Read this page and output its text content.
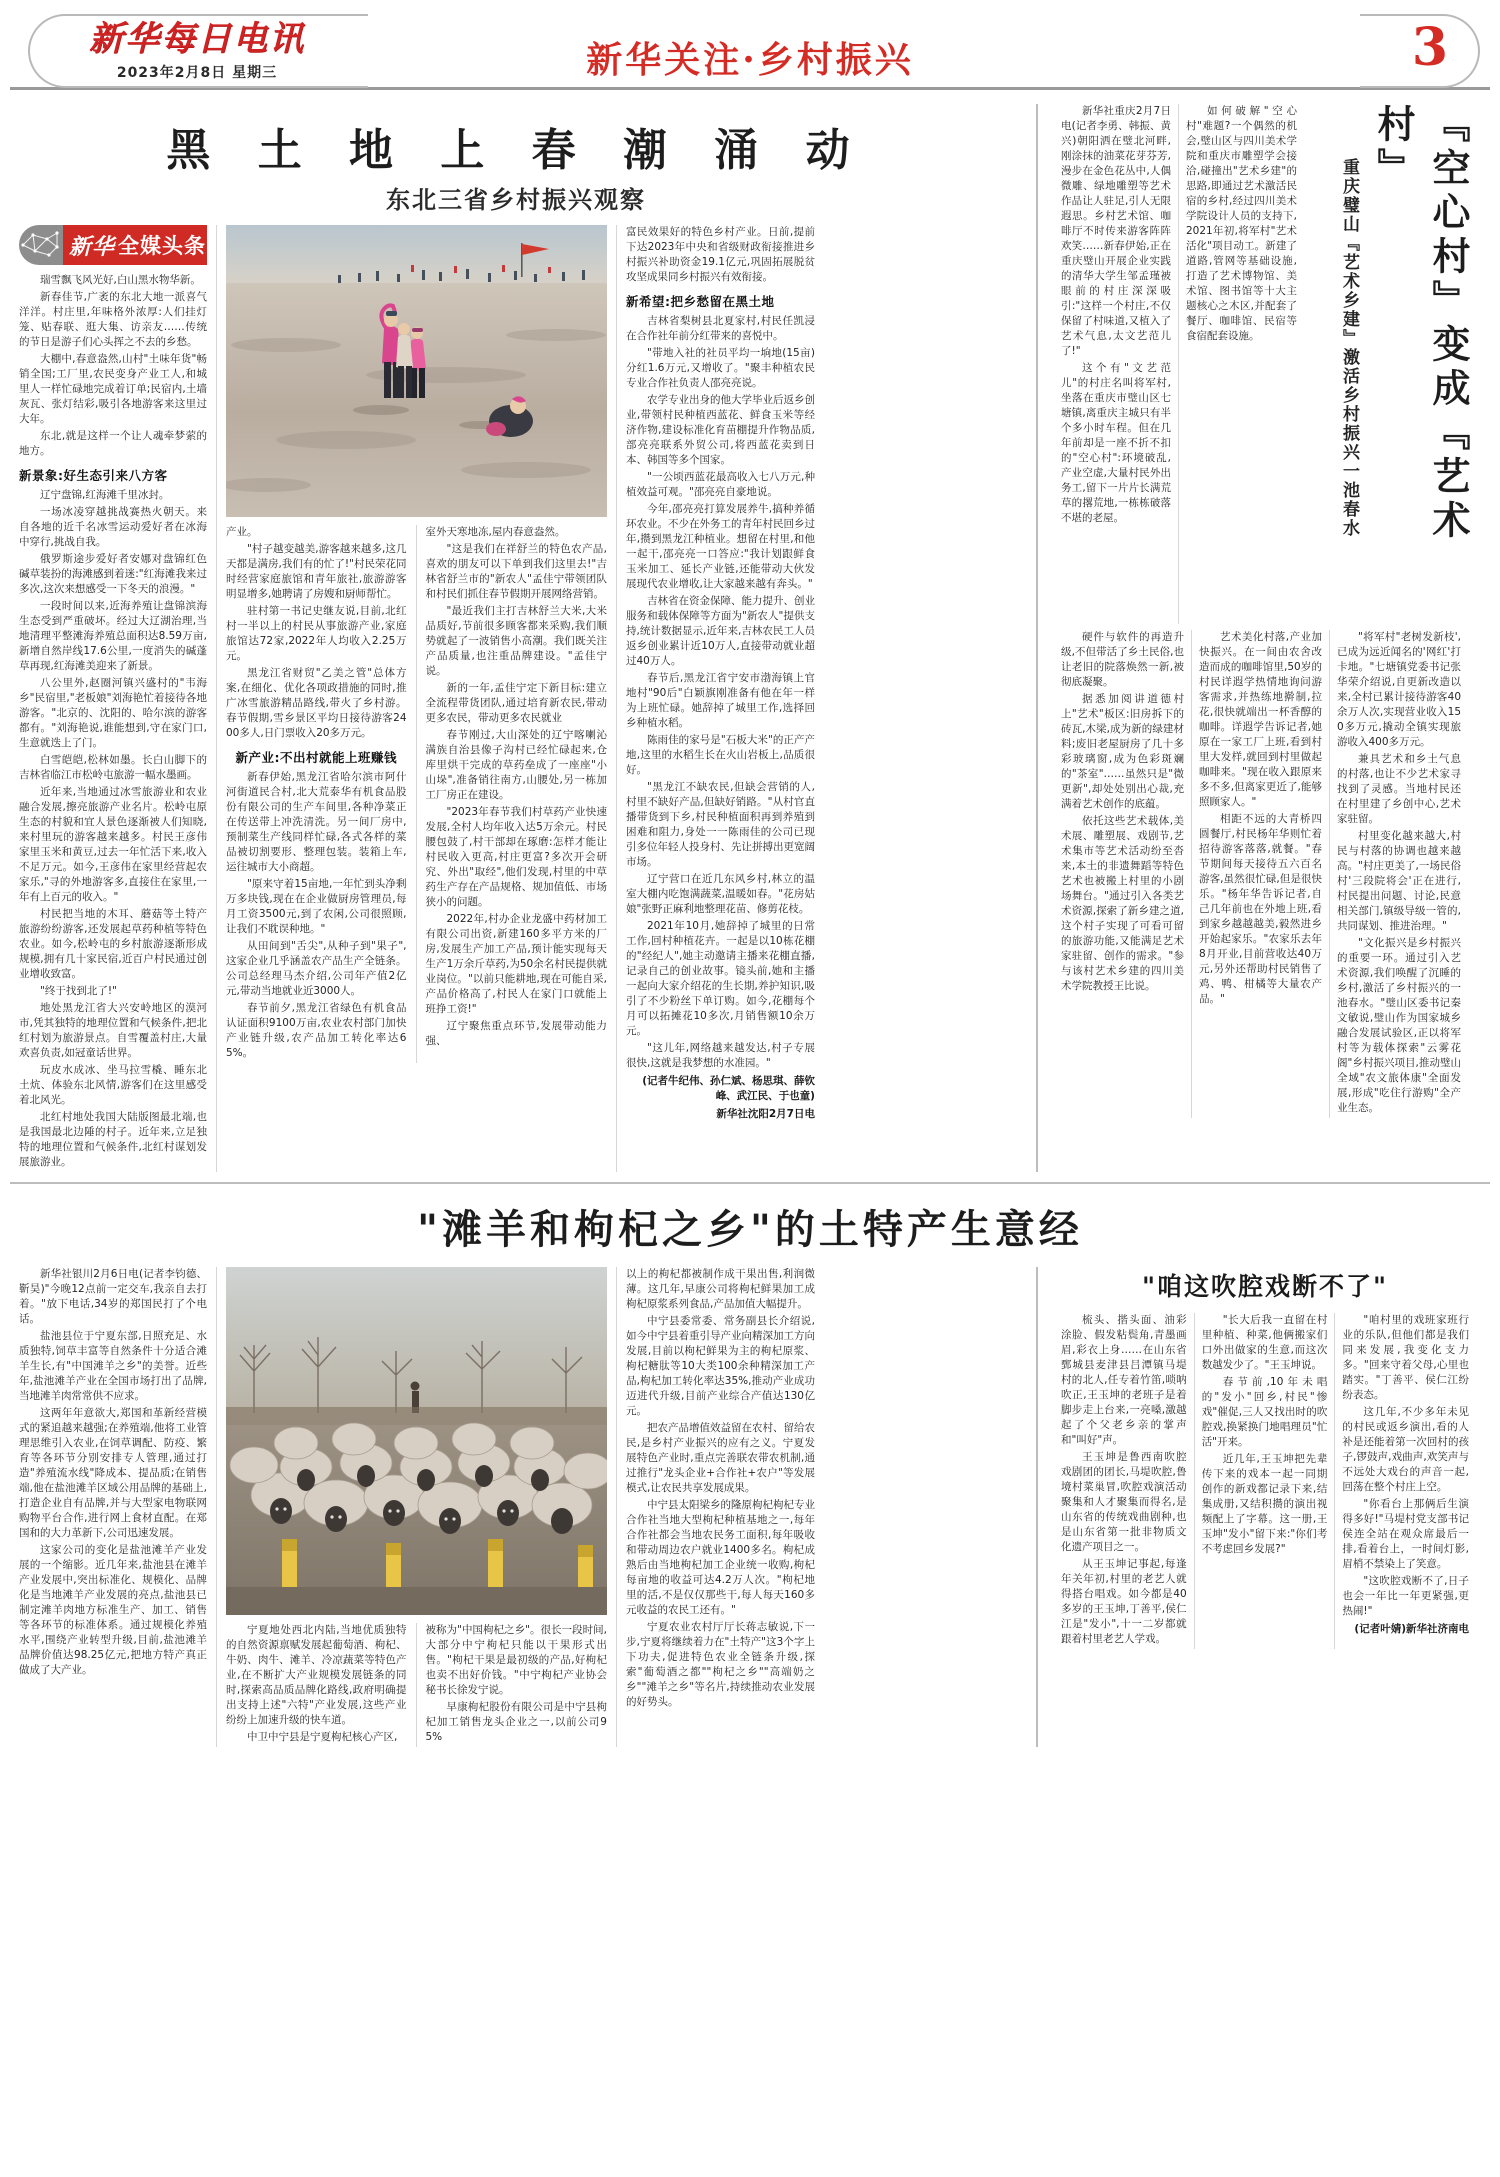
新华每日电讯
2023年2月8日 星期三	新华关注·乡村振兴	3
黑 土 地 上 春 潮 涌 动
东北三省乡村振兴观察
新华 全媒头条

瑞雪飘飞风光好,白山黑水物华新。

新春佳节,广袤的东北大地一派喜气洋洋。村庄里,年味格外浓厚:人们挂灯笼、贴春联、逛大集、访亲友……传统的节日是游子们心头挥之不去的乡愁。

大棚中,春意盎然,山村"土味年货"畅销全国;工厂里,农民变身产业工人,和城里人一样忙碌地完成着订单;民宿内,土墙灰瓦、张灯结彩,吸引各地游客来这里过大年。

东北,就是这样一个让人魂牵梦萦的地方。

新景象:好生态引来八方客

辽宁盘锦,红海滩千里冰封。

一场冰凌穿越挑战赛热火朝天。来自各地的近千名冰雪运动爱好者在冰海中穿行,挑战自我。

俄罗斯途步爱好者安娜对盘锦红色碱草装扮的海滩感到着迷:"红海滩我来过多次,这次来想感受一下冬天的浪漫。"

一段时间以来,近海养殖让盘锦滨海生态受到严重破坏。经过大辽湖治理,当地清理平整滩海养殖总面积达8.59万亩,新增自然岸线17.6公里,一度消失的碱蓬草再现,红海滩美迎来了新景。

八公里外,赵圈河镇兴盛村的"韦海乡"民宿里,"老板娘"刘海艳忙着接待各地游客。"北京的、沈阳的、哈尔滨的游客都有。"刘海艳说,谁能想到,守在家门口,生意就迭上了门。

白雪皑皑,松林如墨。长白山脚下的吉林省临江市松岭屯旅游一幅水墨画。

近年来,当地通过冰雪旅游业和农业融合发展,擦亮旅游产业名片。松岭屯原生态的村貌和宜人景色逐渐被人们知晓,来村里玩的游客越来越多。村民王彦伟家里玉米和黄豆,过去一年忙活下来,收入不足万元。如今,王彦伟在家里经营起农家乐,"寻的外地游客多,直接住在家里,一年有上百元的收入。"

村民把当地的木耳、蘑菇等土特产旅游纷纷游客,还发展起草药种植等特色农业。如今,松岭屯的乡村旅游逐渐形成规模,拥有几十家民宿,近百户村民通过创业增收致富。

"终于找到北了!"

地处黑龙江省大兴安岭地区的漠河市,凭其独特的地理位置和气候条件,把北红村划为旅游景点。自雪覆盖村庄,大量欢喜负责,如冠童话世界。

玩皮水成冰、坐马拉雪橇、睡东北土炕、体验东北风情,游客们在这里感受着北风光。

北红村地处我国大陆版图最北端,也是我国最北边陲的村子。近年来,立足独特的地理位置和气候条件,北红村谋划发展旅游业。

产业。

"村子越变越美,游客越来越多,这几天都是满房,我们有的忙了!"村民荣花同时经营家庭旅馆和青年旅社,旅游游客明显增多,她聘请了房嫂和厨师帮忙。

驻村第一书记史继友说,目前,北红村一半以上的村民从事旅游产业,家庭旅馆达72家,2022年人均收入2.25万元。

黑龙江省财贸"乙美之管"总体方案,在细化、优化各项政措施的同时,推广冰雪旅游精品路线,带火了乡村游。春节假期,雪乡景区平均日接待游客2400多人,日门票收入20多万元。

新产业:不出村就能上班赚钱

新春伊始,黑龙江省哈尔滨市阿什河街道民合村,北大荒泰华有机食品股份有限公司的生产车间里,各种净菜正在传送带上冲洗清洗。另一间厂房中,预制菜生产线同样忙碌,各式各样的菜品被切割要形、整理包装。装箱上车,运往城市大小商超。

"原来守着15亩地,一年忙到头净剩万多块钱,现在在企业做厨房管理员,每月工资3500元,到了农闲,公司很照顾,让我们不耽误种地。"

从田间到"舌尖",从种子到"果子",这家企业几乎涵盖农产品生产全链条。公司总经理马杰介绍,公司年产值2亿元,带动当地就业近3000人。

春节前夕,黑龙江省绿色有机食品认证面积9100万亩,农业农村部门加快产业链升级,农产品加工转化率达65%。

室外天寒地冻,屋内春意盎然。

"这是我们在祥舒兰的特色农产品,喜欢的朋友可以下单到我们这里去!"吉林省舒兰市的"新农人"孟佳宁带领团队和村民们抓住春节假期开展网络营销。

"最近我们主打吉林舒兰大米,大米品质好,节前很多顾客都来采购,我们顺势就起了一波销售小高潮。我们既关注产品质量,也注重品牌建设。"孟佳宁说。

新的一年,孟佳宁定下新目标:建立全流程带货团队,通过培育新农民,带动更多农民，带动更多农民就业

春节刚过,大山深处的辽宁喀喇沁满族自治县像子沟村已经忙碌起来,仓库里烘干完成的草药垒成了一座座"小山垛",准备销往南方,山腰处,另一栋加工厂房正在建设。

"2023年春节我们村草药产业快速发展,全村人均年收入达5万余元。村民腰包鼓了,村干部却在琢磨:怎样才能让村民收入更高,村庄更富?多次开会研究、外出"取经",他们发现,村里的中草药生产存在产品规格、规加值低、市场狭小的问题。

2022年,村办企业龙盛中药材加工有限公司出资,新建160多平方米的厂房,发展生产加工产品,预计能实现每天生产1万余斤草药,为50余名村民提供就业岗位。"以前只能耕地,现在可能自采,产品价格高了,村民人在家门口就能上班挣工资!"

辽宁聚焦重点环节,发展带动能力强、

富民效果好的特色乡村产业。日前,提前下达2023年中央和省级财政衔接推进乡村振兴补助资金19.1亿元,巩固拓展脱贫攻坚成果同乡村振兴有效衔接。

新希望:把乡愁留在黑土地

吉林省梨树县北夏家村,村民任凯浸在合作社年前分红带来的喜悦中。

"带地入社的社员平均一垧地(15亩)分红1.6万元,又增收了。"聚丰种植农民专业合作社负责人邵亮亮说。

农学专业出身的他大学毕业后返乡创业,带领村民种植西蓝花、鲜食玉米等经济作物,建设标准化育苗棚提升作物品质,部亮亮联系外贸公司,将西蓝花卖到日本、韩国等多个国家。

"一公顷西蓝花最高收入七八万元,种植效益可观。"邵亮亮自豪地说。

今年,邵亮亮打算发展养牛,搞种养循环农业。不少在外务工的青年村民回乡过年,攒到黑龙江种植业。想留在村里,和他一起干,邵亮亮一口答应:"我计划跟鲜食玉米加工、延长产业链,还能带动大伙发展现代农业增收,让大家越来越有奔头。"

吉林省在资金保障、能力提升、创业服务和载体保障等方面为"新农人"提供支持,统计数据显示,近年来,吉林农民工人员返乡创业累计近10万人,直接带动就业超过40万人。

春节后,黑龙江省宁安市渤海镇上官地村"90后"白颖旗刚准备有他在年一样为上班忙碌。她辞掉了城里工作,选择回乡种植水稻。

陈雨佳的家号是"石板大米"的正产产地,这里的水稻生长在火山岩板上,品质很好。

"黑龙江不缺农民,但缺会营销的人,村里不缺好产品,但缺好销路。"从村官直播带货到下乡,村民种植面积再到养殖到困难和阻力,身处一一陈雨佳的公司已现引多位年轻人投身村、先让拼搏出更宽阔市场。

辽宁营口在近几东风乡村,林立的温室大棚内吃饱满蔬菜,温暖如春。"花房姑娘"张野正麻利地整理花苗、修剪花枝。

2021年10月,她辞掉了城里的日常工作,回村种植花卉。一起是以10栋花棚的"经纪人",她主动邀请主播来花棚直播,记录自己的创业故事。镜头前,她和主播一起向大家介绍花的生长期,养护知识,吸引了不少粉丝下单订购。如今,花棚每个月可以拓摊花10多次,月销售额10余万元。

"这儿年,网络越来越发达,村子专展很快,这就是我梦想的水准园。"

(记者牛纪伟、孙仁斌、杨思琪、薛钦峰、武江民、于也童)
新华社沈阳2月7日电
『空心村』变成『艺术村』
重庆璧山『艺术乡建』激活乡村振兴一池春水

新华社重庆2月7日电(记者李勇、韩振、黄兴)朝阳洒在璧北河畔,刚涂抹的油菜花芽芬芳,漫步在金色花丛中,人偶微雕、绿地雕塑等艺术作品让人驻足,引人无限遐思。乡村艺术馆、咖啡厅不时传来游客阵阵欢笑……新春伊始,正在重庆璧山开展企业实践的清华大学生邹孟瑾被眼前的村庄深深吸引:"这样一个村庄,不仅保留了村味道,又植入了艺术气息,太文艺范儿了!"

这个有"文艺范儿"的村庄名叫将军村,坐落在重庆市璧山区七塘镇,离重庆主城只有半个多小时车程。但在几年前却是一座不折不扣的"空心村":环境破乱,产业空虚,大量村民外出务工,留下一片片长满荒草的撂荒地,一栋栋破落不堪的老屋。

如何破解"空心村"难题?一个偶然的机会,璧山区与四川美术学院和重庆市雕塑学会接洽,碰撞出"艺术乡建"的思路,即通过艺术激活民宿的乡村,经过四川美术学院设计人员的支持下,2021年初,将军村"艺术活化"项目动工。新建了道路,管网等基础设施,打造了艺术博物馆、美术馆、图书馆等十大主题核心之木区,并配套了餐厅、咖啡馆、民宿等食宿配套设施。

硬件与软件的再造升级,不但带活了乡土民俗,也让老旧的院落焕然一新,被彻底凝聚。

据悉加阅讲道德村上"艺术"板区:旧房拆下的砖瓦,木梁,成为新的绿建材料;废旧老屋厨房了几十多彩玻璃窗,成为色彩斑斓的"茶室"……虽然只是"微更新",却处处别出心裁,充满着艺术创作的底蕴。

依托这些艺术载体,美术展、雕塑展、戏剧节,艺术集市等艺术活动纷至沓来,本土的非遗舞蹈等特色艺术也被搬上村里的小剧场舞台。"通过引入各类艺术资源,探索了新乡建之道,这个村子实现了可看可留的旅游功能,又能满足艺术家驻留、创作的需求。"参与该村艺术乡建的四川美术学院教授王比说。

艺术美化村落,产业加快振兴。在一间由农舍改造而成的咖啡馆里,50岁的村民详遐学热情地询问游客需求,并热练地擀制,拉花,很快就端出一杯香醇的咖啡。详遐学告诉记者,她原在一家工厂上班,看到村里大发样,就回到村里做起咖啡来。"现在收入跟原来多不多,但离家更近了,能够照顾家人。"

相距不远的大青桥四圆餐厅,村民杨年华则忙着招待游客落落,就餐。"春节期间每天接待五六百名游客,虽然很忙碌,但是很快乐。"杨年华告诉记者,自己几年前也在外地上班,看到家乡越越越美,毅然进乡开始起家乐。"农家乐去年8月开业,目前营收达40万元,另外还帮助村民销售了鸡、鸭、柑橘等大量农产品。"

"将军村"老树发新枝',已成为远近闻名的'网红'打卡地。"七塘镇党委书记张华荣介绍说,自更新改造以来,全村已累计接待游客40余万人次,实现营业收入150多万元,撬动全镇实现旅游收入400多万元。

兼具艺术和乡土气息的村落,也让不少艺术家寻找到了灵感。当地村民还在村里建了乡创中心,艺术家驻留。

村里变化越来越大,村民与村落的协调也越来越高。"村庄更美了,一场民俗村'三段院将会'正在进行,村民提出问题、讨论,民意相关部门,镇级导级一管的,共同谋划、推进治理。"

"文化振兴是乡村振兴的重要一环。通过引入艺术资源,我们唤醒了沉睡的乡村,激活了乡村振兴的一池春水。"璧山区委书记秦文敏说,璧山作为国家城乡融合发展试验区,正以将军村等为载体探索"云雾花阁"乡村振兴项目,推动璧山全域"农文旅体康"全面发展,形成"吃住行游购"全产业生态。

"滩羊和枸杞之乡"的土特产生意经

新华社银川2月6日电(记者李钧德、靳昊)"今晚12点前一定交车,我亲自去打着。"放下电话,34岁的郑国民打了个电话。

盐池县位于宁夏东部,日照充足、水质独特,饲草丰富等自然条件十分适合滩羊生长,有"中国滩羊之乡"的美誉。近些年,盐池滩羊产业在全国市场打出了品牌,当地滩羊肉常常供不应求。

这两年年意欲大,郑国和革新经营模式的紧追越来越强;在养殖端,他将工业管理思维引入农业,在饲草调配、防疫、繁育等各环节分别安排专人管理,通过打造"养殖流水线"降成本、提品质;在销售端,他在盐池滩羊区域公用品牌的基础上,打造企业自有品牌,并与大型家电物联网购物平台合作,进行网上食材直配。在郑国和的大力革新下,公司迅速发展。

这家公司的变化是盐池滩羊产业发展的一个缩影。近几年来,盐池县在滩羊产业发展中,突出标准化、规模化、品牌化是当地滩羊产业发展的亮点,盐池县已制定滩羊肉地方标准生产、加工、销售等各环节的标准体系。通过规模化养殖水平,围绕产业转型升级,目前,盐池滩羊品牌价值达98.25亿元,把地方特产真正做成了大产业。

宁夏地处西北内陆,当地优质独特的自然资源禀赋发展起葡萄酒、枸杞、牛奶、肉牛、滩羊、冷凉蔬菜等特色产业,在不断扩大产业规模发展链条的同时,探索高品质品牌化路线,政府明确提出支持上述"六特"产业发展,这些产业纷纷上加速升级的快车道。

中卫中宁县是宁夏枸杞核心产区,

被称为"中国枸杞之乡"。很长一段时间,大部分中宁枸杞只能以干果形式出售。"枸杞干果是最初级的产品,好枸杞也卖不出好价钱。"中宁枸杞产业协会秘书长徐发宁说。

早康枸杞股份有限公司是中宁县枸杞加工销售龙头企业之一,以前公司95%

以上的枸杞都被制作成干果出售,利润微薄。这几年,早康公司将枸杞鲜果加工成枸杞原浆系列食品,产品加值大幅提升。

中宁县委常委、常务副县长介绍说,如今中宁县着重引导产业向精深加工方向发展,目前以枸杞鲜果为主的枸杞原浆、枸杞糖肽等10大类100余种精深加工产品,枸杞加工转化率达35%,推动产业成功迈进代升级,目前产业综合产值达130亿元。

把农产品增值效益留在农村、留给农民,是乡村产业振兴的应有之义。宁夏发展特色产业时,重点完善联农带农机制,通过推行"龙头企业+合作社+农户"等发展模式,让农民共享发展成果。

中宁县太阳梁乡的隆原枸杞枸杞专业合作社当地大型枸杞种植基地之一,每年合作社都会当地农民务工面积,每年吸收和带动周边农户就业1400多名。枸杞成熟后由当地枸杞加工企业统一收购,枸杞每亩地的收益可达4.2万人次。"枸杞地里的活,不是仅仅那些干,每人每天160多元收益的农民工还有。"

宁夏农业农村厅厅长蒋志敏说,下一步,宁夏将继续着力在"土特产"这3个字上下功夫,促进特色农业全链条升级,探索"葡萄酒之都""枸杞之乡""高端奶之乡""滩羊之乡"等名片,持续推动农业发展的好势头。

"咱这吹腔戏断不了"

梳头、揩头面、油彩涂脸、假发粘鬓角,青墨画眉,彩衣上身……在山东省鄄城县麦津县吕潭镇马堤村的北人,任专着竹笛,唢呐吹正,王玉坤的老班子是着脚步走上台来,一亮嗓,激越起了个父老乡亲的掌声和"叫好"声。

王玉坤是鲁西南吹腔戏剧团的团长,马堤吹腔,鲁境村菜巢冒,吹腔戏演活动聚集和人才聚集而得名,是山东省的传统戏曲剧种,也是山东省第一批非物质文化遗产项目之一。

从王玉坤记事起,每逢年关年初,村里的老艺人就得搭台唱戏。如今都是40多岁的王玉坤,丁善平,侯仁江是"发小",十一二岁都就跟着村里老艺人学戏。

"长大后我一直留在村里种植、种菜,他俩搬家们口外出做家的生意,而这次数越发少了。"王玉坤说。

春节前,10年未唱的"发小"回乡,村民"惨戏"催促,三人又找出时的吹腔戏,换紧换门地唱理员"忙活"开来。

近几年,王玉坤把先辈传下来的戏本一起一同期创作的新戏都记录下来,结集成册,又结积攒的演出视频配上了字幕。这一册,王玉坤"发小"留下来:"你们考不考虑回乡发展?"

"咱村里的戏班家班行业的乐队,但他们都是我们同来发展,我变化支力多。"回来守着父母,心里也踏实。"丁善平、侯仁江纷纷表态。

这几年,不少多年未见的村民或返乡演出,看的人补是还能着第一次回村的孩子,锣鼓声,戏曲声,欢笑声与不远处大戏台的声音一起,回荡在整个村庄上空。

"你看台上那俩后生演得多好!"马堤村党支部书记侯连全站在观众席最后一排,看着台上，一时间灯影,眉梢不禁染上了笑意。

"这吹腔戏断不了,日子也会一年比一年更紧强,更热闹!"

(记者叶婧)新华社济南电
